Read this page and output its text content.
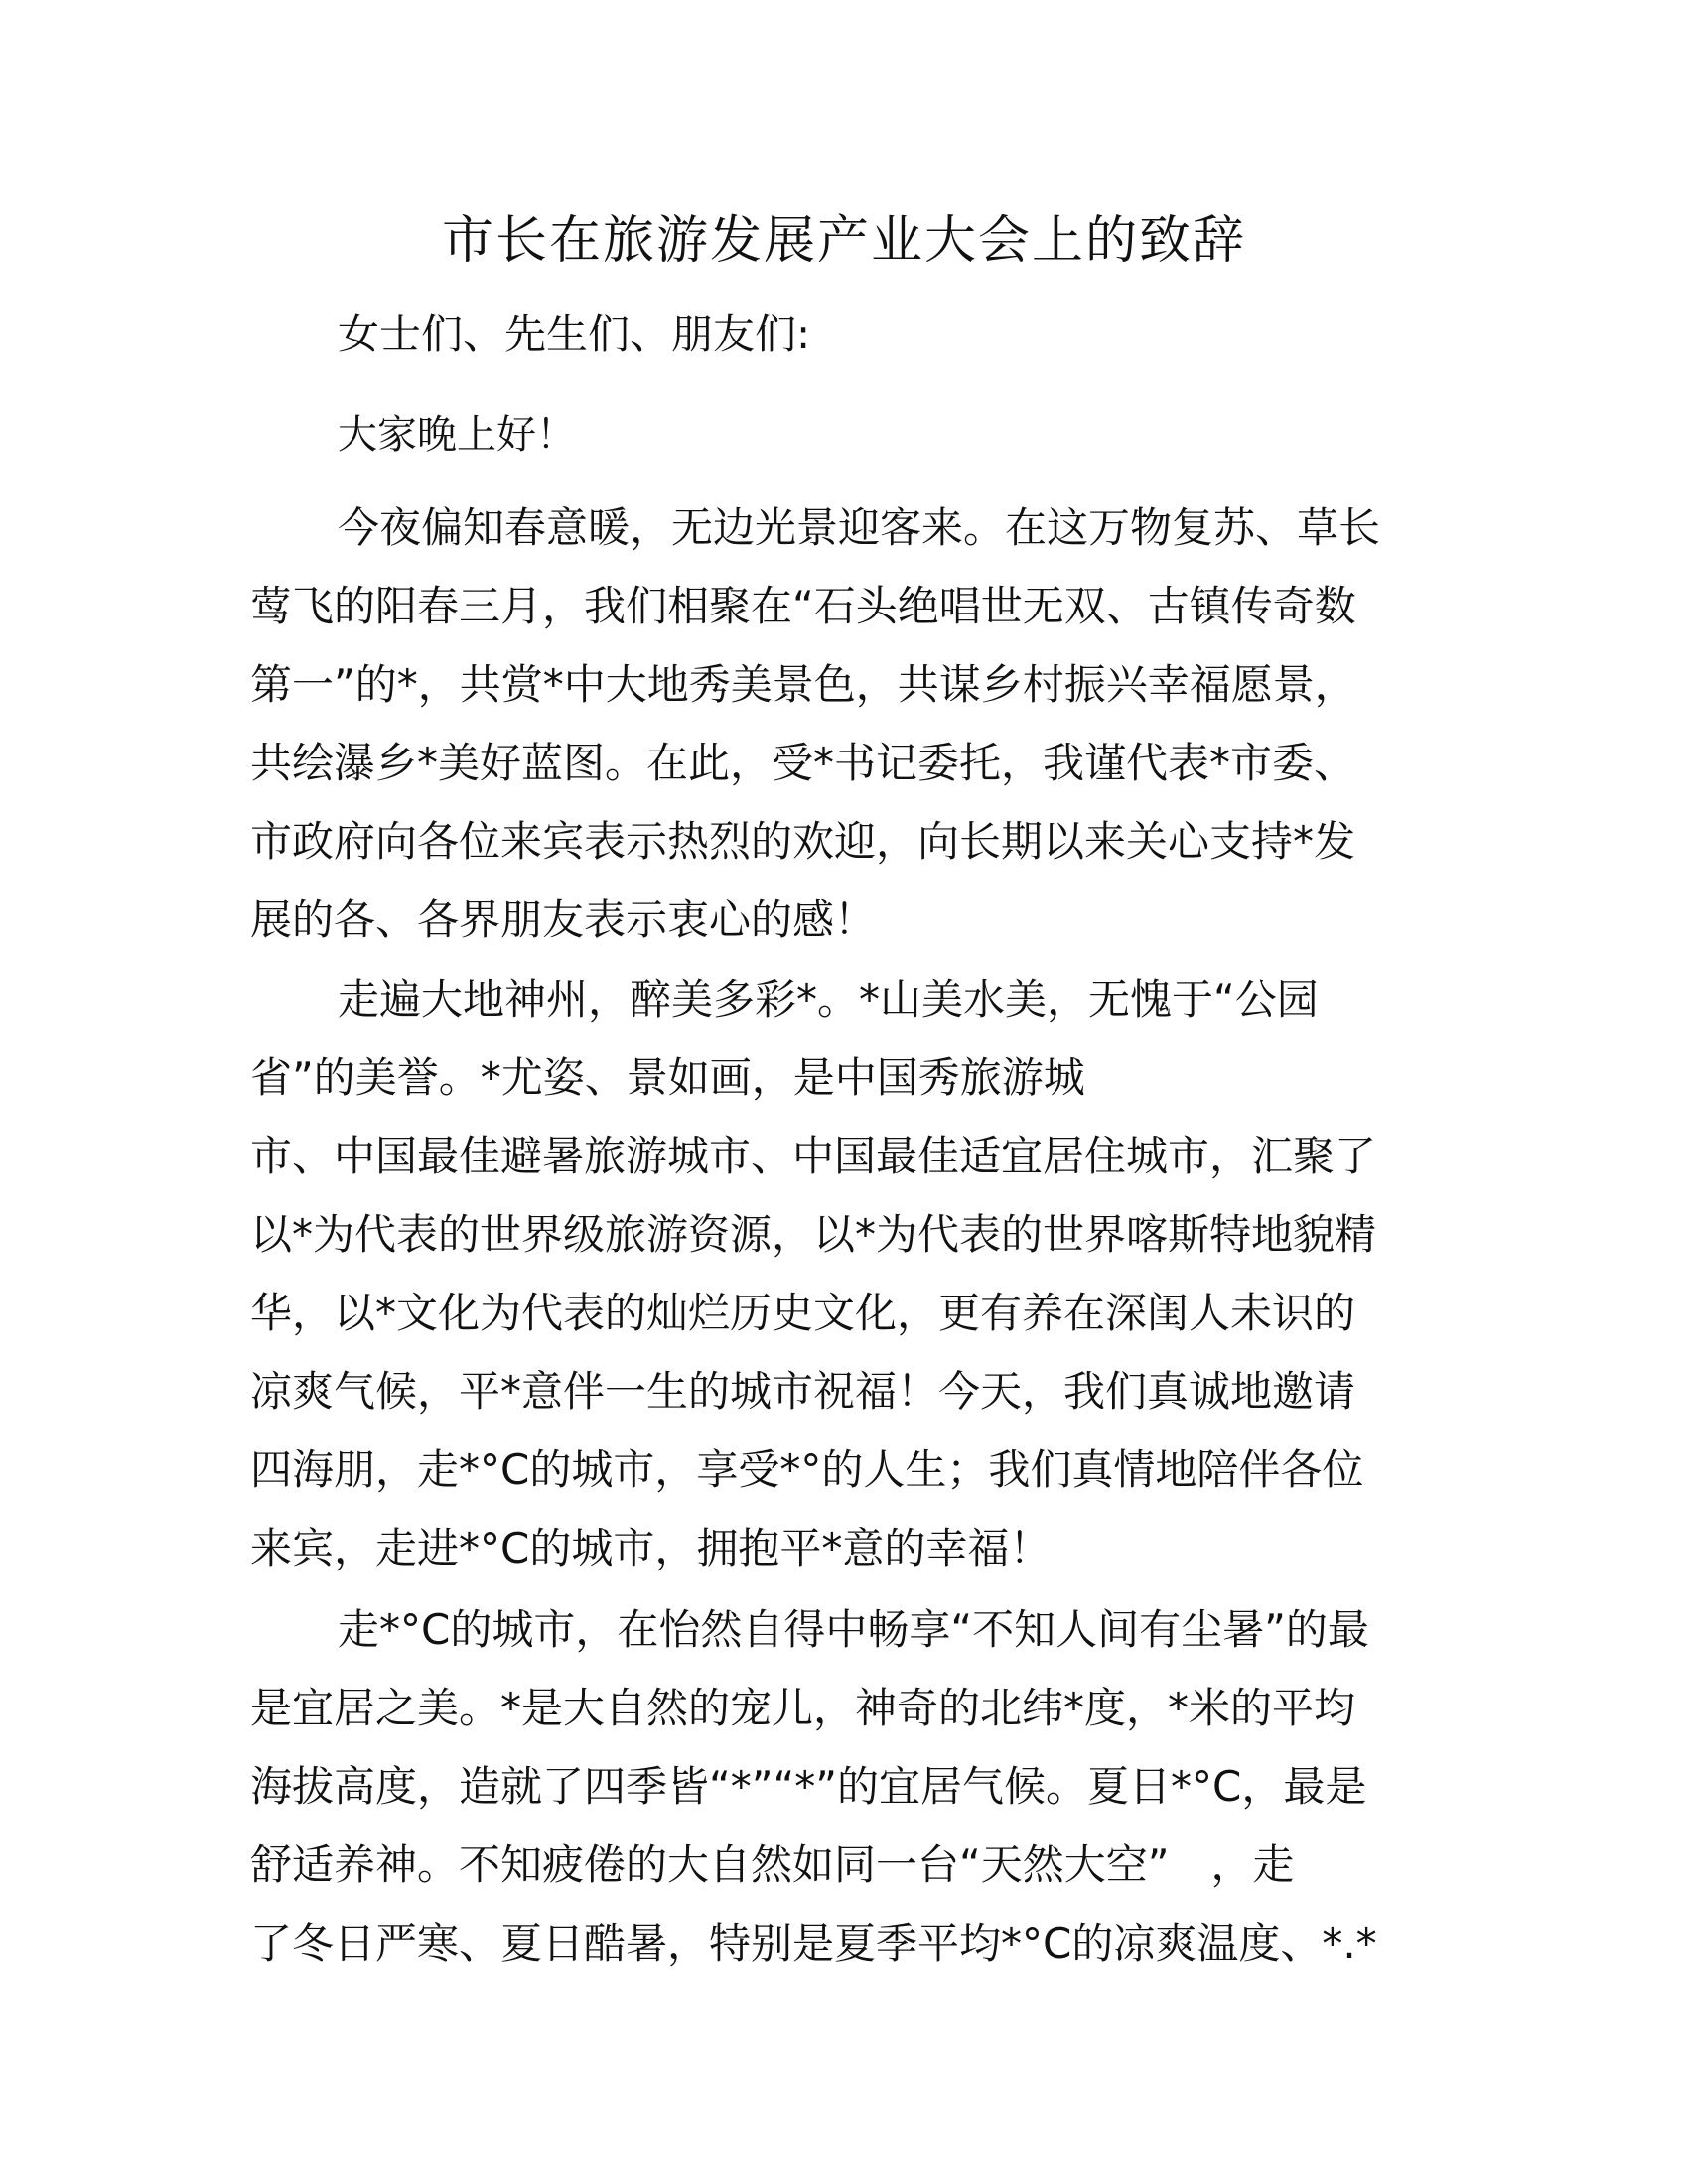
市长在旅游发展产业大会上的致辞
女士们、先生们、朋友们:
大家晚上好！
今夜偏知春意暖，无边光景迎客来。在这万物复苏、草长
莺飞的阳春三月，我们相聚在“石头绝唱世无双、古镇传奇数
第一”的*，共赏*中大地秀美景色，共谋乡村振兴幸福愿景，
共绘瀑乡*美好蓝图。在此，受*书记委托，我谨代表*市委、
市政府向各位来宾表示热烈的欢迎，向长期以来关心支持*发
展的各、各界朋友表示衷心的感！
走遍大地神州，醉美多彩*。*山美水美，无愧于“公园
省”的美誉。*尤姿、景如画，是中国秀旅游城
市、中国最佳避暑旅游城市、中国最佳适宜居住城市，汇聚了
以*为代表的世界级旅游资源，以*为代表的世界喀斯特地貌精
华，以*文化为代表的灿烂历史文化，更有养在深闺人未识的
凉爽气候，平*意伴一生的城市祝福！今天，我们真诚地邀请
四海朋，走*°C的城市，享受*°的人生；我们真情地陪伴各位
来宾，走进*°C的城市，拥抱平*意的幸福！
走*°C的城市，在怡然自得中畅享“不知人间有尘暑”的最
是宜居之美。*是大自然的宠儿，神奇的北纬*度，*米的平均
海拔高度，造就了四季皆“*”“*”的宜居气候。夏日*°C，最是
舒适养神。不知疲倦的大自然如同一台“天然大空”　，走
了冬日严寒、夏日酷暑，特别是夏季平均*°C的凉爽温度、*.*
